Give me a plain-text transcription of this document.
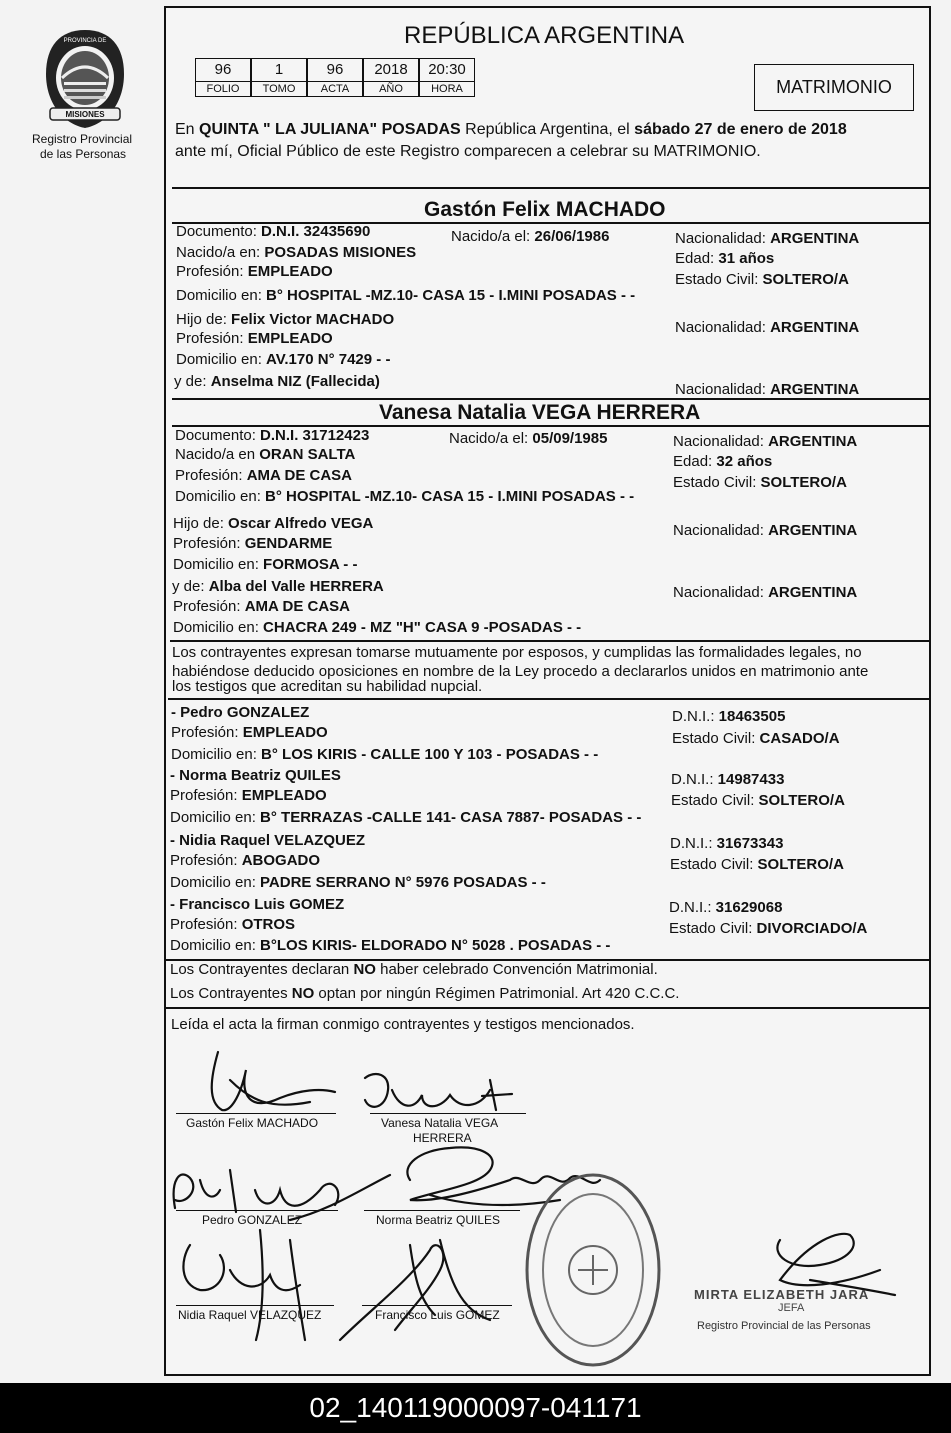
MISIONES
PROVINCIA DE
Registro Provincial
de las Personas
REPÚBLICA ARGENTINA
96	1	96	2018	20:30
FOLIO	TOMO	ACTA	AÑO	HORA	MATRIMONIO
En QUINTA " LA JULIANA" POSADAS República Argentina, el sábado 27 de enero de 2018
ante mí, Oficial Público de este Registro comparecen a celebrar su MATRIMONIO.
Gastón Felix MACHADO
Documento: D.N.I. 32435690	Nacido/a el: 26/06/1986	Nacionalidad: ARGENTINA
Nacido/a en: POSADAS MISIONES	Edad: 31 años
Profesión: EMPLEADO	Estado Civil: SOLTERO/A
Domicilio en: B° HOSPITAL -MZ.10- CASA 15 - I.MINI POSADAS - -
Hijo de: Felix Victor MACHADO	Nacionalidad: ARGENTINA
Profesión: EMPLEADO
Domicilio en: AV.170 N° 7429 - -
y de: Anselma NIZ (Fallecida)	Nacionalidad: ARGENTINA
Vanesa Natalia VEGA HERRERA
Documento: D.N.I. 31712423	Nacido/a el: 05/09/1985	Nacionalidad: ARGENTINA
Nacido/a en ORAN SALTA	Edad: 32 años
Profesión: AMA DE CASA	Estado Civil: SOLTERO/A
Domicilio en: B° HOSPITAL -MZ.10- CASA 15 - I.MINI POSADAS - -
Hijo de: Oscar Alfredo VEGA	Nacionalidad: ARGENTINA
Profesión: GENDARME
Domicilio en: FORMOSA - -
y de: Alba del Valle HERRERA	Nacionalidad: ARGENTINA
Profesión: AMA DE CASA
Domicilio en: CHACRA 249 - MZ "H" CASA 9 -POSADAS - -
Los contrayentes expresan tomarse mutuamente por esposos, y cumplidas las formalidades legales, no
habiéndose deducido oposiciones en nombre de la Ley procedo a declararlos unidos en matrimonio ante
los testigos que acreditan su habilidad nupcial.
- Pedro GONZALEZ
Profesión: EMPLEADO
Domicilio en: B° LOS KIRIS - CALLE 100 Y 103 - POSADAS - -
D.N.I.: 18463505
Estado Civil: CASADO/A
- Norma Beatriz QUILES
Profesión: EMPLEADO
Domicilio en: B° TERRAZAS -CALLE 141- CASA 7887- POSADAS - -
D.N.I.: 14987433
Estado Civil: SOLTERO/A
- Nidia Raquel VELAZQUEZ
Profesión: ABOGADO
Domicilio en: PADRE SERRANO N° 5976 POSADAS - -
D.N.I.: 31673343
Estado Civil: SOLTERO/A
- Francisco Luis GOMEZ
Profesión: OTROS
Domicilio en: B°LOS KIRIS- ELDORADO N° 5028 . POSADAS - -
D.N.I.: 31629068
Estado Civil: DIVORCIADO/A
Los Contrayentes declaran NO haber celebrado Convención Matrimonial.
Los Contrayentes NO optan por ningún Régimen Patrimonial. Art 420 C.C.C.
Leída el acta la firman conmigo contrayentes y testigos mencionados.
Gastón Felix MACHADO	Vanesa Natalia VEGA
HERRERA
Pedro GONZALEZ	Norma Beatriz QUILES
Nidia Raquel VELAZQUEZ	Francisco Luis GOMEZ
MIRTA ELIZABETH JARA
JEFA
Registro Provincial de las Personas
02_140119000097-041171
